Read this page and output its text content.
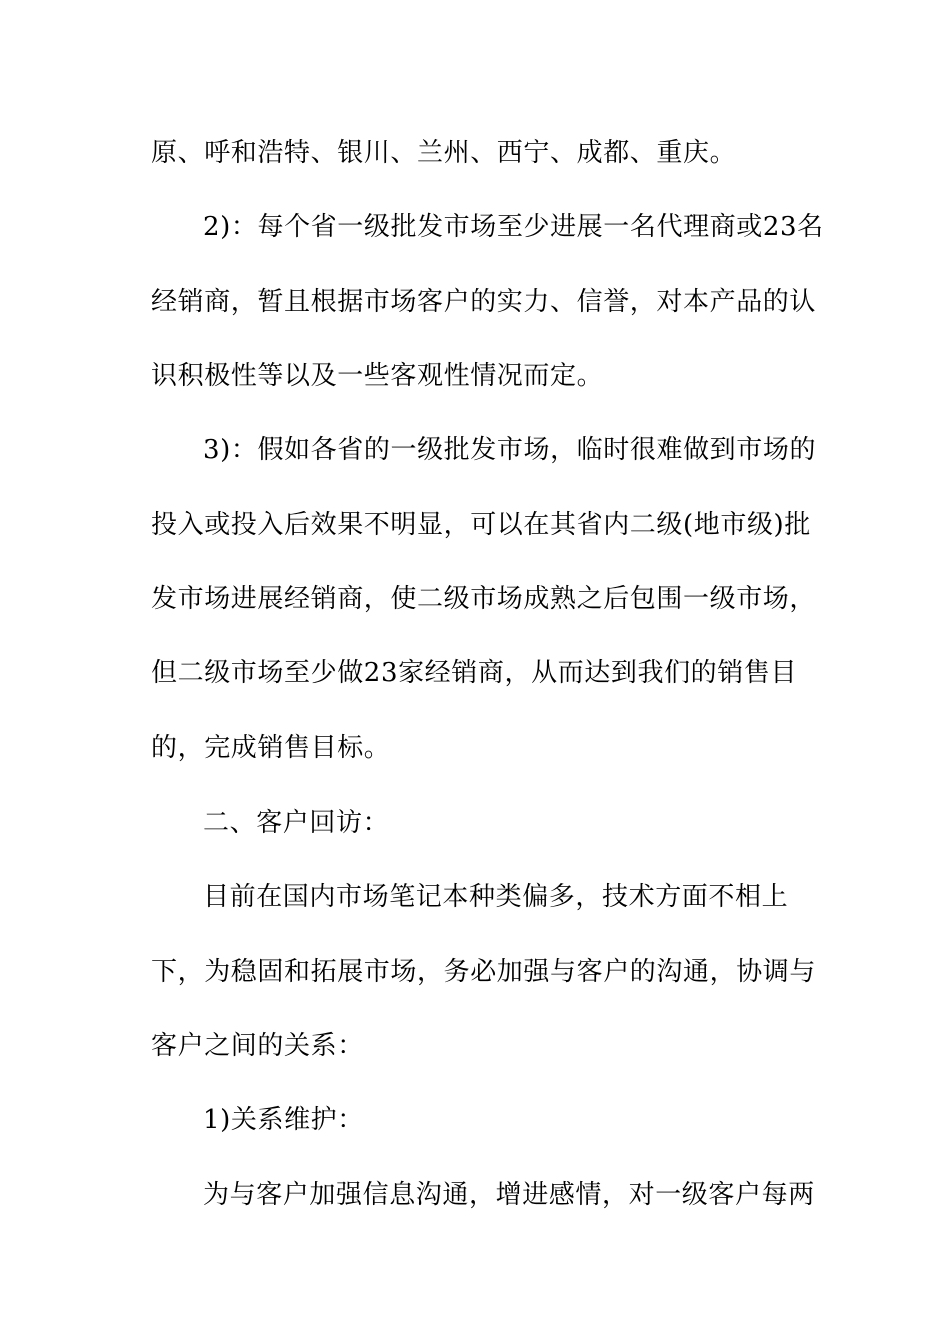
原、呼和浩特、银川、兰州、西宁、成都、重庆。
2)：每个省一级批发市场至少进展一名代理商或23名
经销商，暂且根据市场客户的实力、信誉，对本产品的认
识积极性等以及一些客观性情况而定。
3)：假如各省的一级批发市场，临时很难做到市场的
投入或投入后效果不明显，可以在其省内二级(地市级)批
发市场进展经销商，使二级市场成熟之后包围一级市场，
但二级市场至少做23家经销商，从而达到我们的销售目
的，完成销售目标。
二、客户回访：
目前在国内市场笔记本种类偏多，技术方面不相上
下，为稳固和拓展市场，务必加强与客户的沟通，协调与
客户之间的关系：
1)关系维护：
为与客户加强信息沟通，增进感情，对一级客户每两
